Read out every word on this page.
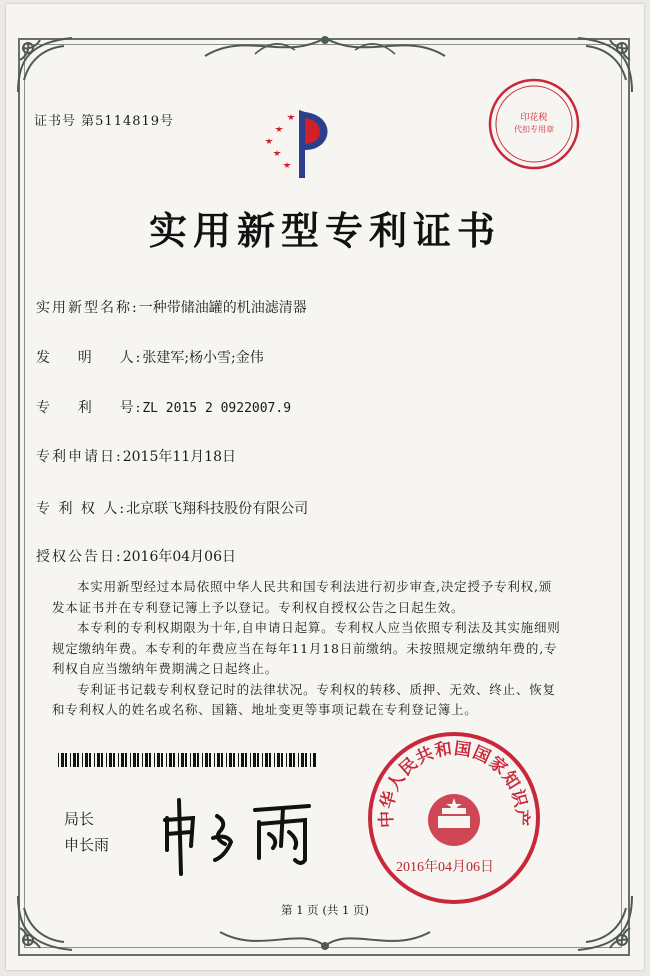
证书号 第5114819号	印花税
代扣专用章
实用新型专利证书
实用新型名称:一种带储油罐的机油滤清器
发    明    人:张建军;杨小雪;金伟
专    利    号:ZL 2015 2 0922007.9
专利申请日:2015年11月18日
专 利 权 人:北京联飞翔科技股份有限公司
授权公告日:2016年04月06日

本实用新型经过本局依照中华人民共和国专利法进行初步审查,决定授予专利权,颁发本证书并在专利登记簿上予以登记。专利权自授权公告之日起生效。

本专利的专利权期限为十年,自申请日起算。专利权人应当依照专利法及其实施细则规定缴纳年费。本专利的年费应当在每年11月18日前缴纳。未按照规定缴纳年费的,专利权自应当缴纳年费期满之日起终止。

专利证书记载专利权登记时的法律状况。专利权的转移、质押、无效、终止、恢复和专利权人的姓名或名称、国籍、地址变更等事项记载在专利登记簿上。

局长
申长雨
中华人民共和国国家知识产
2016年04月06日
第 1 页 (共 1 页)
